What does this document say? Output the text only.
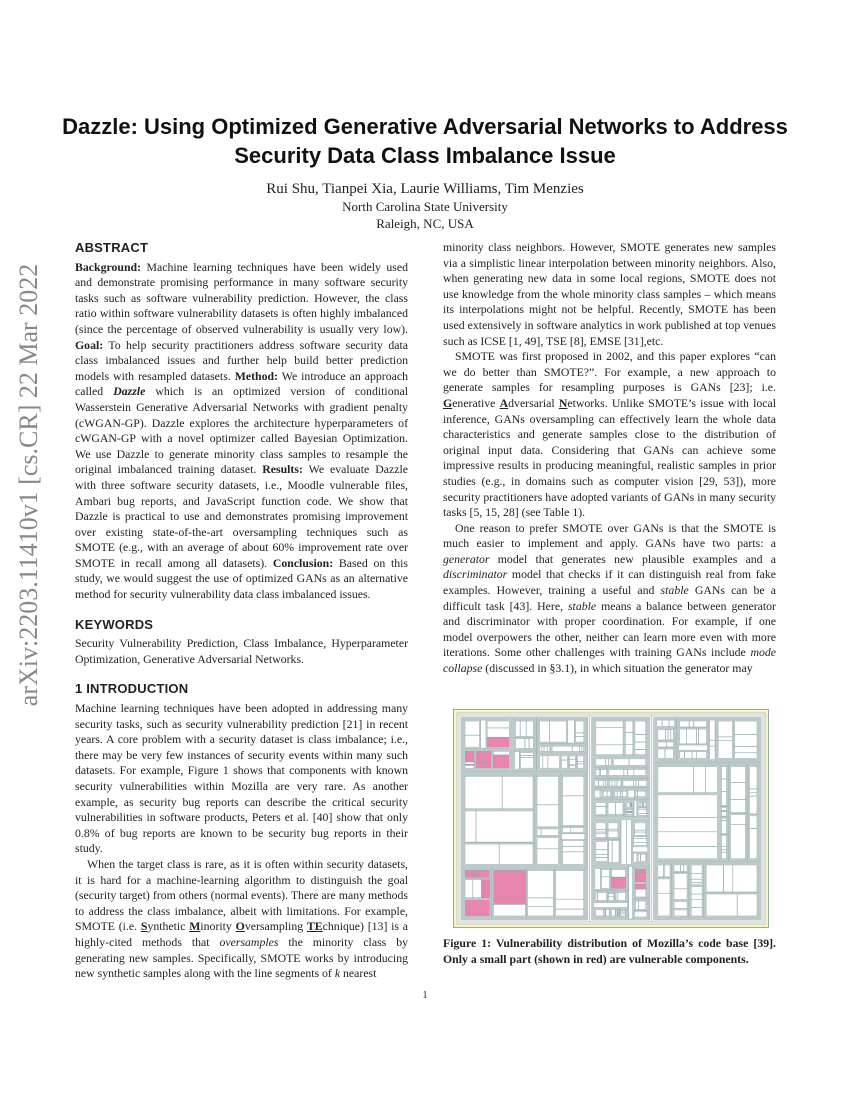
arXiv:2203.11410v1 [cs.CR] 22 Mar 2022
Dazzle: Using Optimized Generative Adversarial Networks to Address Security Data Class Imbalance Issue
Rui Shu, Tianpei Xia, Laurie Williams, Tim Menzies
North Carolina State University
Raleigh, NC, USA
ABSTRACT

Background: Machine learning techniques have been widely used and demonstrate promising performance in many software security tasks such as software vulnerability prediction. However, the class ratio within software vulnerability datasets is often highly imbalanced (since the percentage of observed vulnerability is usually very low). Goal: To help security practitioners address software security data class imbalanced issues and further help build better prediction models with resampled datasets. Method: We introduce an approach called Dazzle which is an optimized version of conditional Wasserstein Generative Adversarial Networks with gradient penalty (cWGAN-GP). Dazzle explores the architecture hyperparameters of cWGAN-GP with a novel optimizer called Bayesian Optimization. We use Dazzle to generate minority class samples to resample the original imbalanced training dataset. Results: We evaluate Dazzle with three software security datasets, i.e., Moodle vulnerable files, Ambari bug reports, and JavaScript function code. We show that Dazzle is practical to use and demonstrates promising improvement over existing state-of-the-art oversampling techniques such as SMOTE (e.g., with an average of about 60% improvement rate over SMOTE in recall among all datasets). Conclusion: Based on this study, we would suggest the use of optimized GANs as an alternative method for security vulnerability data class imbalanced issues.

KEYWORDS

Security Vulnerability Prediction, Class Imbalance, Hyperparameter Optimization, Generative Adversarial Networks.

1 INTRODUCTION

Machine learning techniques have been adopted in addressing many security tasks, such as security vulnerability prediction [21] in recent years. A core problem with a security dataset is class imbalance; i.e., there may be very few instances of security events within many such datasets. For example, Figure 1 shows that components with known security vulnerabilities within Mozilla are very rare. As another example, as security bug reports can describe the critical security vulnerabilities in software products, Peters et al. [40] show that only 0.8% of bug reports are known to be security bug reports in their study.

When the target class is rare, as it is often within security datasets, it is hard for a machine-learning algorithm to distinguish the goal (security target) from others (normal events). There are many methods to address the class imbalance, albeit with limitations. For example, SMOTE (i.e. Synthetic Minority Oversampling TEchnique) [13] is a highly-cited methods that oversamples the minority class by generating new samples. Specifically, SMOTE works by introducing new synthetic samples along with the line segments of k nearest

minority class neighbors. However, SMOTE generates new samples via a simplistic linear interpolation between minority neighbors. Also, when generating new data in some local regions, SMOTE does not use knowledge from the whole minority class samples – which means its interpolations might not be helpful. Recently, SMOTE has been used extensively in software analytics in work published at top venues such as ICSE [1, 49], TSE [8], EMSE [31],etc.

SMOTE was first proposed in 2002, and this paper explores “can we do better than SMOTE?”. For example, a new approach to generate samples for resampling purposes is GANs [23]; i.e. Generative Adversarial Networks. Unlike SMOTE’s issue with local inference, GANs oversampling can effectively learn the whole data characteristics and generate samples close to the distribution of original input data. Considering that GANs can achieve some impressive results in producing meaningful, realistic samples in prior studies (e.g., in domains such as computer vision [29, 53]), more security practitioners have adopted variants of GANs in many security tasks [5, 15, 28] (see Table 1).

One reason to prefer SMOTE over GANs is that the SMOTE is much easier to implement and apply. GANs have two parts: a generator model that generates new plausible examples and a discriminator model that checks if it can distinguish real from fake examples. However, training a useful and stable GANs can be a difficult task [43]. Here, stable means a balance between generator and discriminator with proper coordination. For example, if one model overpowers the other, neither can learn more even with more iterations. Some other challenges with training GANs include mode collapse (discussed in §3.1), in which situation the generator may

Figure 1: Vulnerability distribution of Mozilla’s code base [39]. Only a small part (shown in red) are vulnerable components.
1
